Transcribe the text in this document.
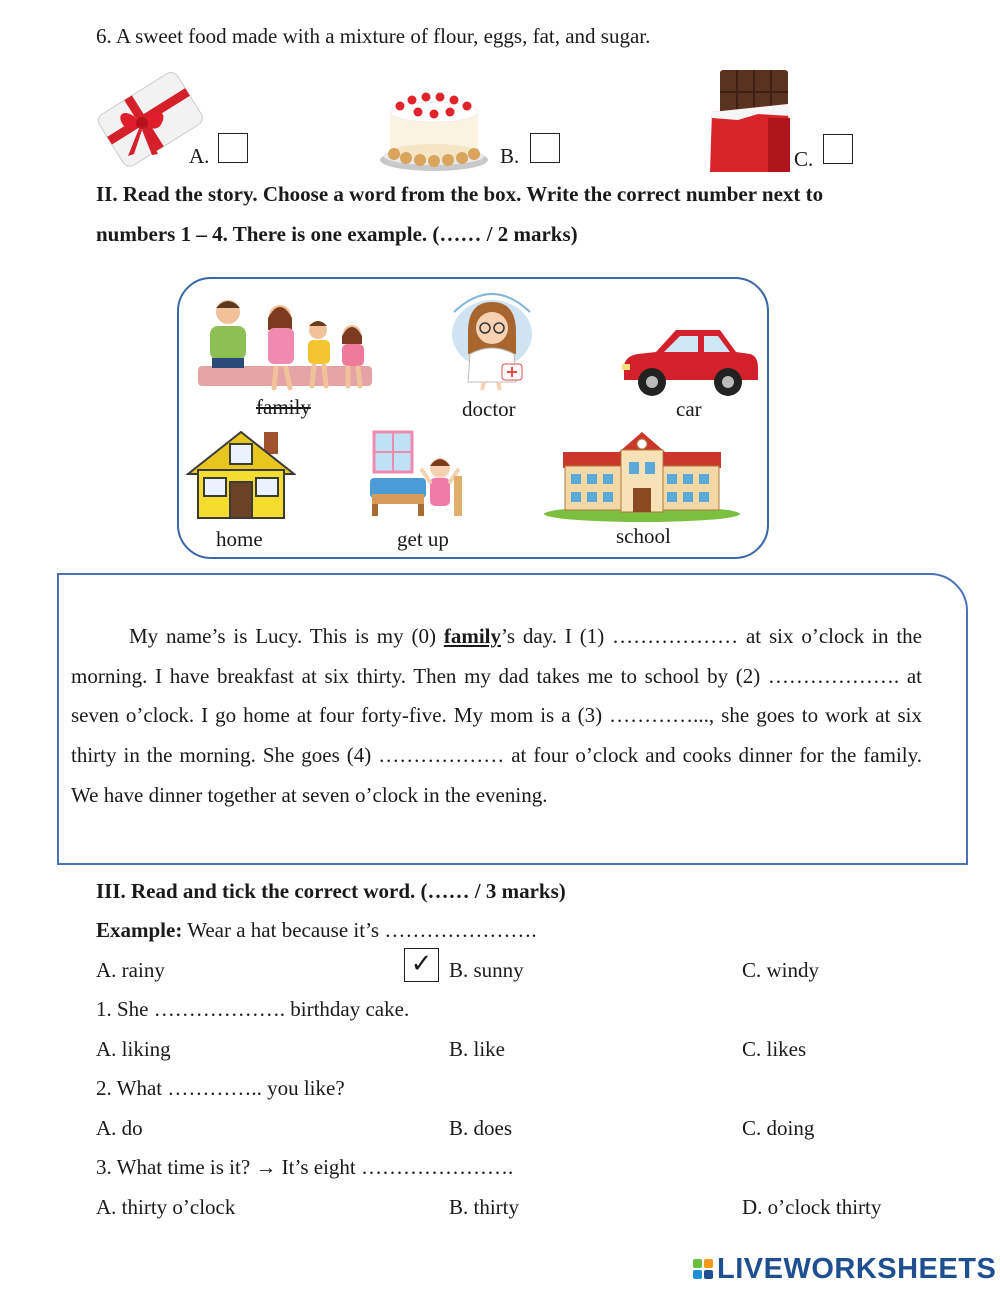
6. A sweet food made with a mixture of flour, eggs, fat, and sugar.
A.	B.	C.
II. Read the story. Choose a word from the box. Write the correct number next to
numbers 1 – 4. There is one example. (…… / 2 marks)
family	doctor	car
home	get up	school

My name’s is Lucy. This is my (0) family’s day. I (1) ……………… at six o’clock in the morning. I have breakfast at six thirty. Then my dad takes me to school by (2) ………………. at seven o’clock. I go home at four forty-five. My mom is a (3) …………..., she goes to work at six thirty in the morning. She goes (4) ……………… at four o’clock and cooks dinner for the family. We have dinner together at seven o’clock in the evening.

III. Read and tick the correct word. (…… / 3 marks)
Example: Wear a hat because it’s ………………….
A. rainy	✓ B. sunny	C. windy
1. She ………………. birthday cake.
A. liking	B. like	C. likes
2. What ………….. you like?
A. do	B. does	C. doing
3. What time is it? → It’s eight ………………….
A. thirty o’clock	B. thirty	D. o’clock thirty
LIVEWORKSHEETS
